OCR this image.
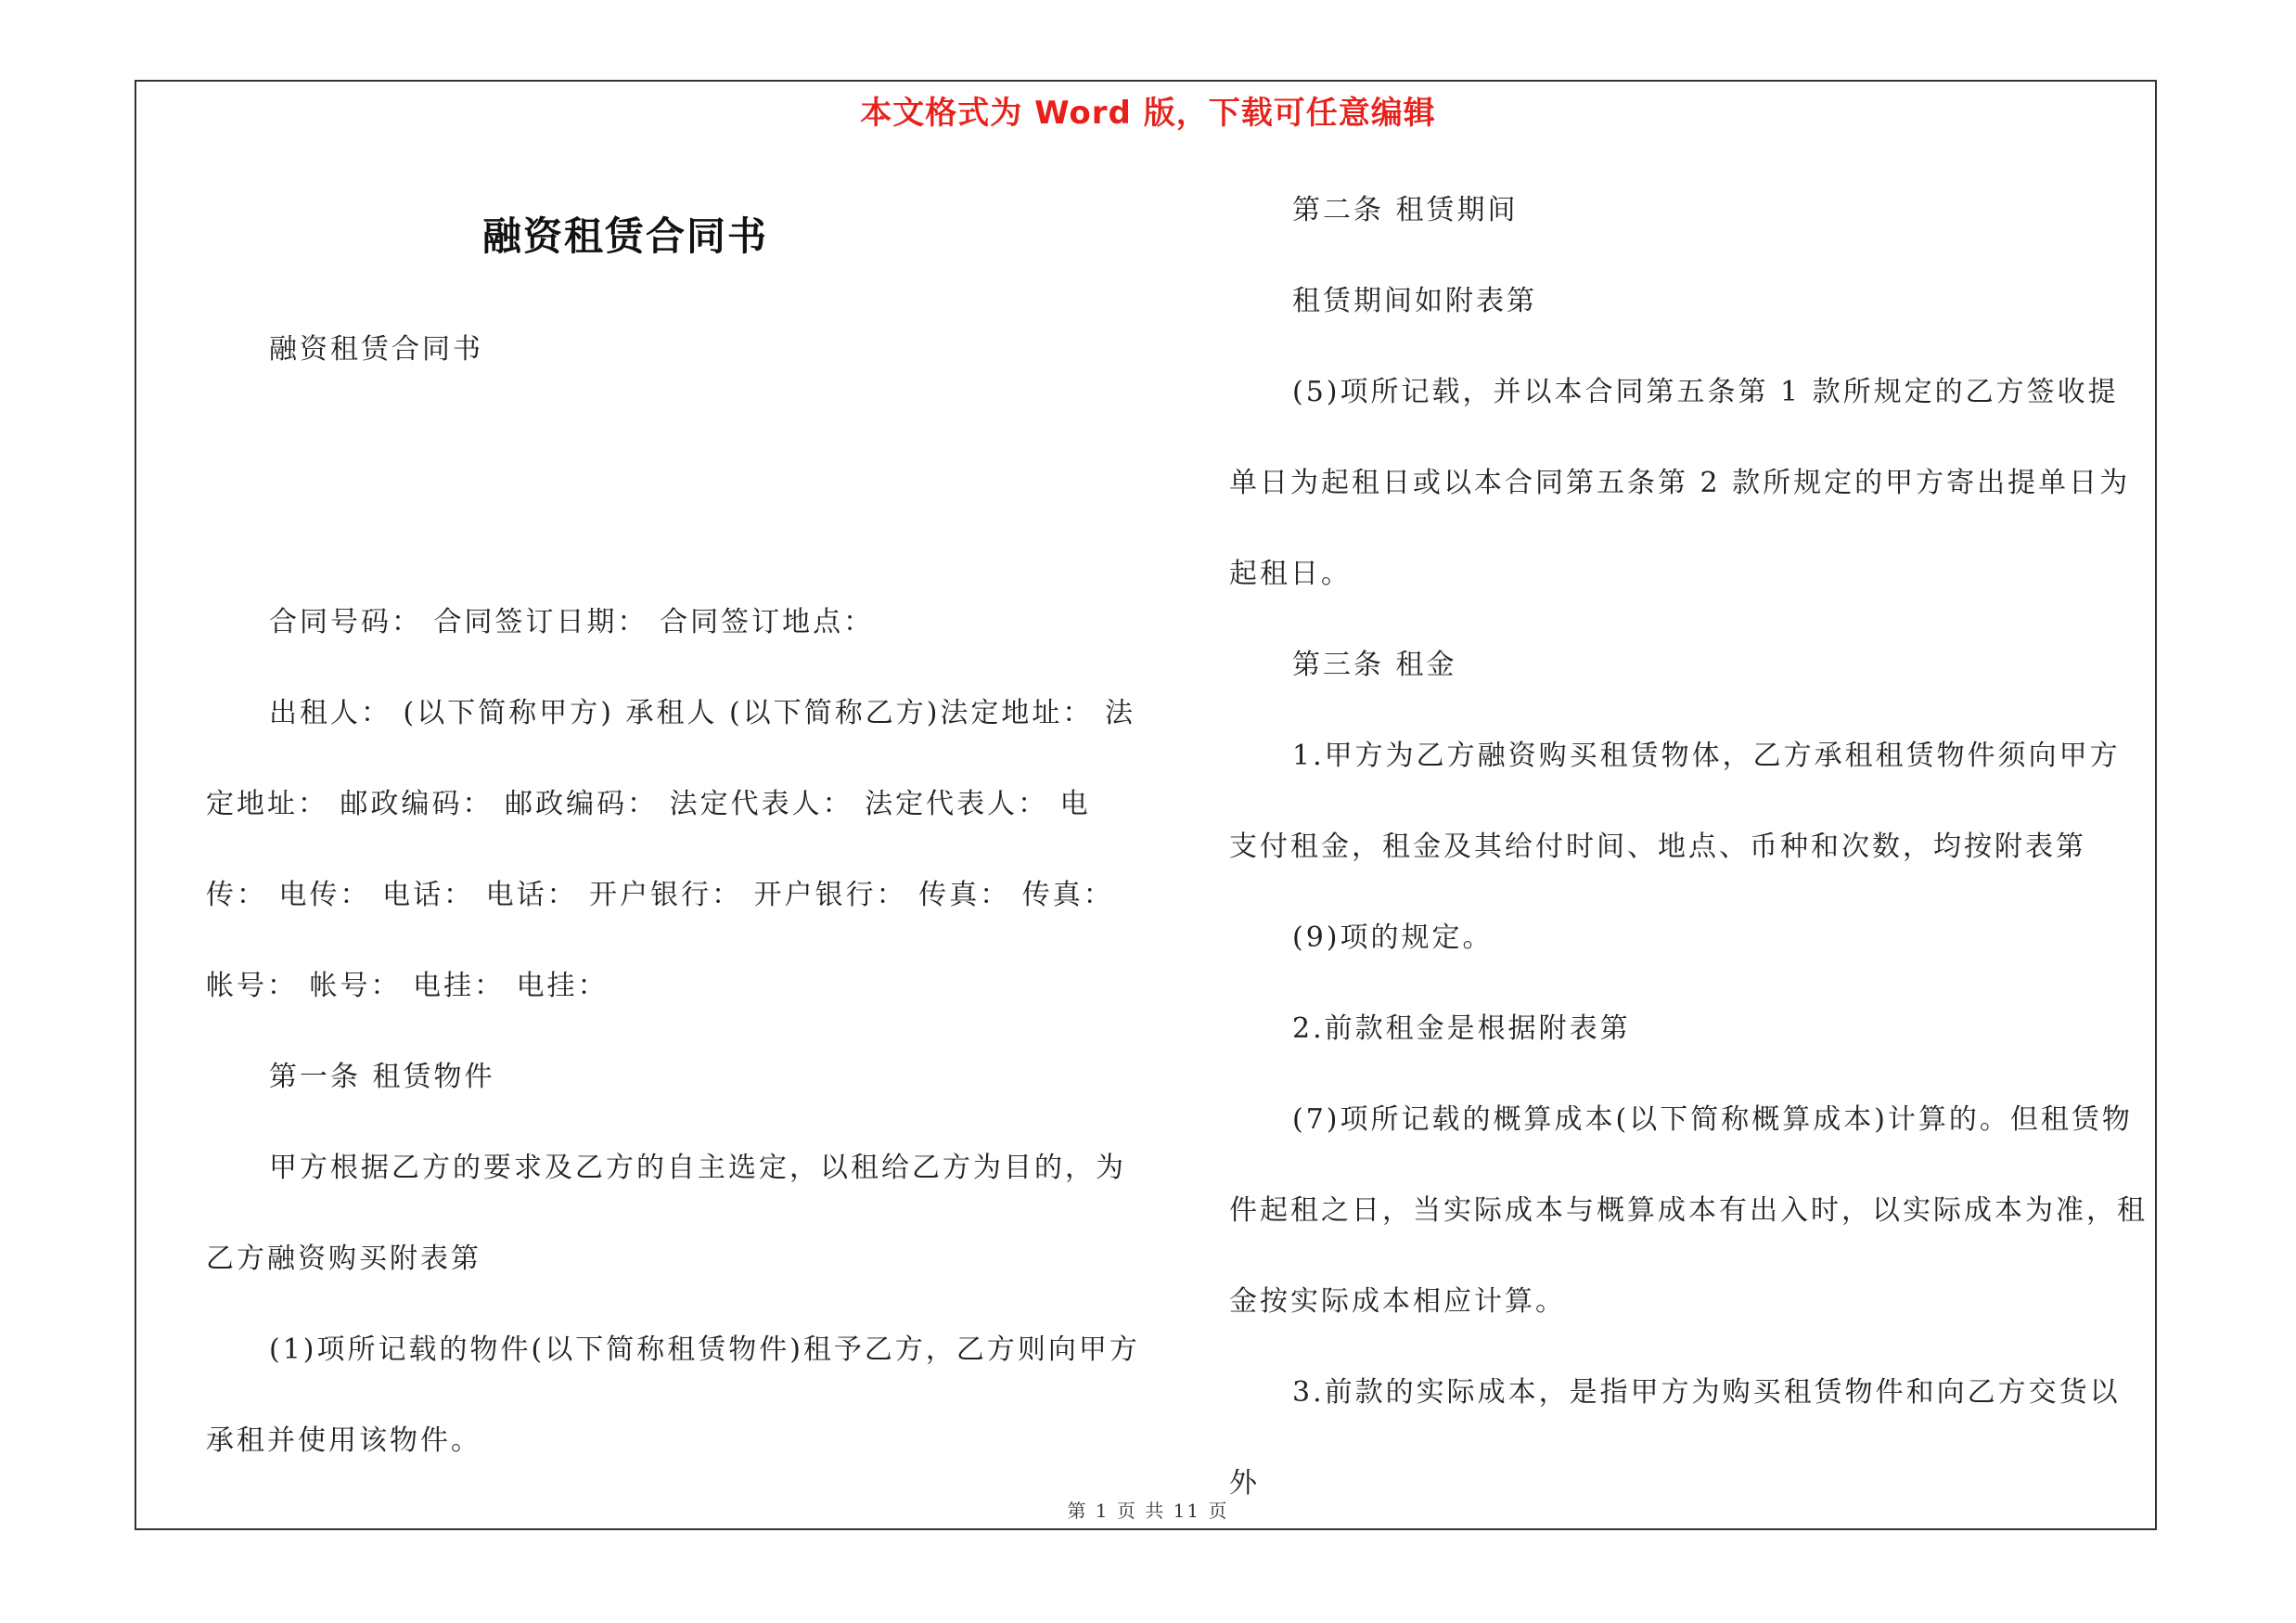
本文格式为 Word 版，下载可任意编辑
融资租赁合同书

融资租赁合同书

合同号码： 合同签订日期： 合同签订地点：

出租人： (以下简称甲方) 承租人 (以下简称乙方)法定地址： 法定地址： 邮政编码： 邮政编码： 法定代表人： 法定代表人： 电传： 电传： 电话： 电话： 开户银行： 开户银行： 传真： 传真： 帐号： 帐号： 电挂： 电挂：

第一条 租赁物件

甲方根据乙方的要求及乙方的自主选定，以租给乙方为目的，为乙方融资购买附表第

(1)项所记载的物件(以下简称租赁物件)租予乙方，乙方则向甲方承租并使用该物件。

第二条 租赁期间

租赁期间如附表第

(5)项所记载，并以本合同第五条第 1 款所规定的乙方签收提单日为起租日或以本合同第五条第 2 款所规定的甲方寄出提单日为起租日。

第三条 租金

1.甲方为乙方融资购买租赁物体，乙方承租租赁物件须向甲方支付租金，租金及其给付时间、地点、币种和次数，均按附表第

(9)项的规定。

2.前款租金是根据附表第

(7)项所记载的概算成本(以下简称概算成本)计算的。但租赁物件起租之日，当实际成本与概算成本有出入时，以实际成本为准，租金按实际成本相应计算。

3.前款的实际成本，是指甲方为购买租赁物件和向乙方交货以外

第 1 页 共 11 页
